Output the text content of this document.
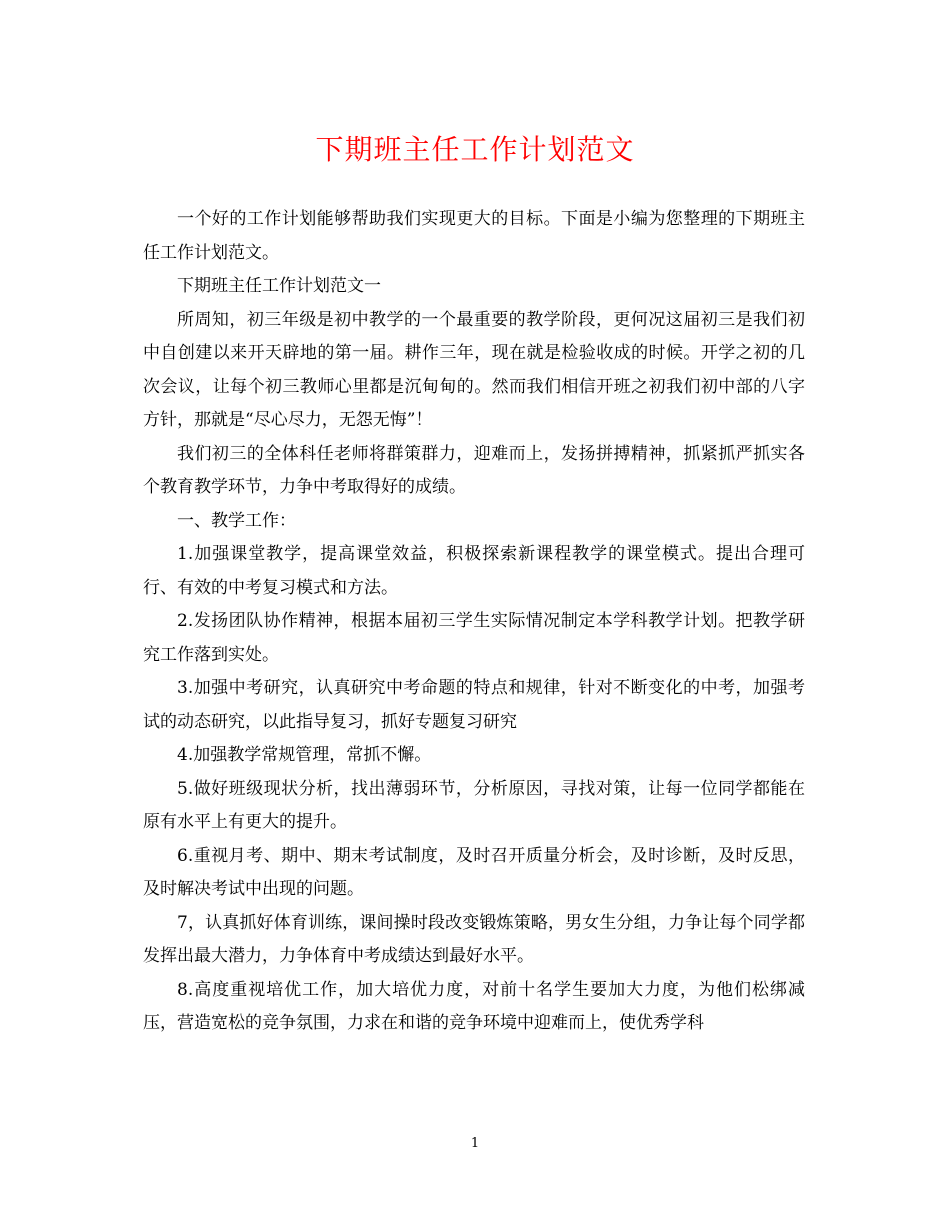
下期班主任工作计划范文

一个好的工作计划能够帮助我们实现更大的目标。下面是小编为您整理的下期班主任工作计划范文。

下期班主任工作计划范文一

所周知，初三年级是初中教学的一个最重要的教学阶段，更何况这届初三是我们初中自创建以来开天辟地的第一届。耕作三年，现在就是检验收成的时候。开学之初的几次会议，让每个初三教师心里都是沉甸甸的。然而我们相信开班之初我们初中部的八字方针，那就是“尽心尽力，无怨无悔”！

我们初三的全体科任老师将群策群力，迎难而上，发扬拼搏精神，抓紧抓严抓实各个教育教学环节，力争中考取得好的成绩。

一、教学工作：

1.加强课堂教学，提高课堂效益，积极探索新课程教学的课堂模式。提出合理可行、有效的中考复习模式和方法。

2.发扬团队协作精神，根据本届初三学生实际情况制定本学科教学计划。把教学研究工作落到实处。

3.加强中考研究，认真研究中考命题的特点和规律，针对不断变化的中考，加强考试的动态研究，以此指导复习，抓好专题复习研究

4.加强教学常规管理，常抓不懈。

5.做好班级现状分析，找出薄弱环节，分析原因，寻找对策，让每一位同学都能在原有水平上有更大的提升。

6.重视月考、期中、期末考试制度，及时召开质量分析会，及时诊断，及时反思，及时解决考试中出现的问题。

7，认真抓好体育训练，课间操时段改变锻炼策略，男女生分组，力争让每个同学都发挥出最大潜力，力争体育中考成绩达到最好水平。

8.高度重视培优工作，加大培优力度，对前十名学生要加大力度，为他们松绑减压，营造宽松的竞争氛围，力求在和谐的竞争环境中迎难而上，使优秀学科

1
